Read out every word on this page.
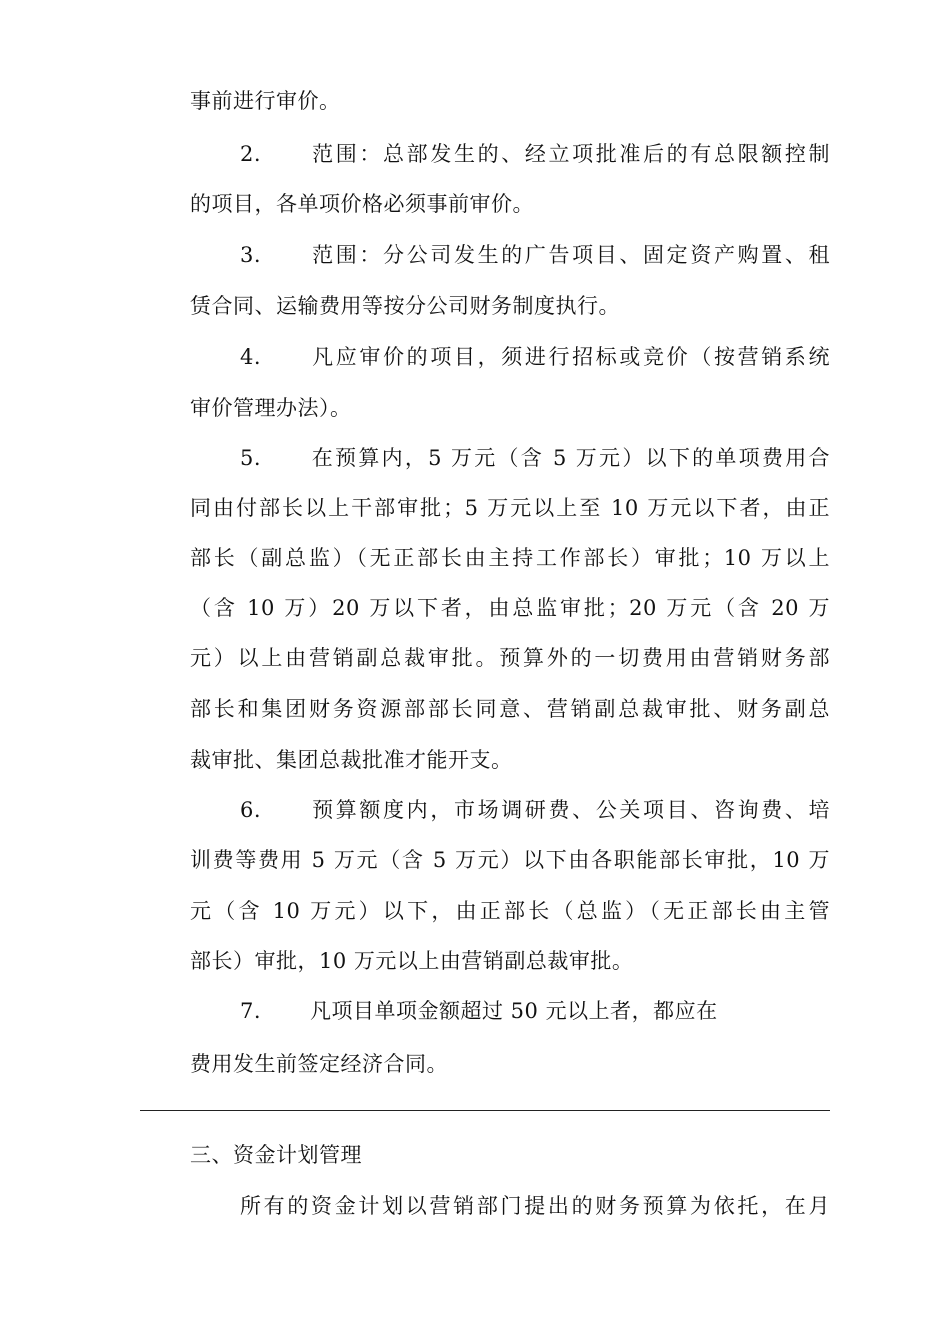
事前进行审价。
2. 范围：总部发生的、经立项批准后的有总限额控制
的项目，各单项价格必须事前审价。
3. 范围：分公司发生的广告项目、固定资产购置、租
赁合同、运输费用等按分公司财务制度执行。
4. 凡应审价的项目，须进行招标或竞价（按营销系统
审价管理办法）。
5. 在预算内，5 万元（含 5 万元）以下的单项费用合
同由付部长以上干部审批；5 万元以上至 10 万元以下者，由正
部长（副总监）（无正部长由主持工作部长）审批；10 万以上
（含 10 万）20 万以下者，由总监审批；20 万元（含 20 万
元）以上由营销副总裁审批。预算外的一切费用由营销财务部
部长和集团财务资源部部长同意、营销副总裁审批、财务副总
裁审批、集团总裁批准才能开支。
6. 预算额度内，市场调研费、公关项目、咨询费、培
训费等费用 5 万元（含 5 万元）以下由各职能部长审批，10 万
元（含 10 万元）以下，由正部长（总监）（无正部长由主管
部长）审批，10 万元以上由营销副总裁审批。
7. 凡项目单项金额超过 50 元以上者，都应在
费用发生前签定经济合同。
三、资金计划管理
所有的资金计划以营销部门提出的财务预算为依托，在月
